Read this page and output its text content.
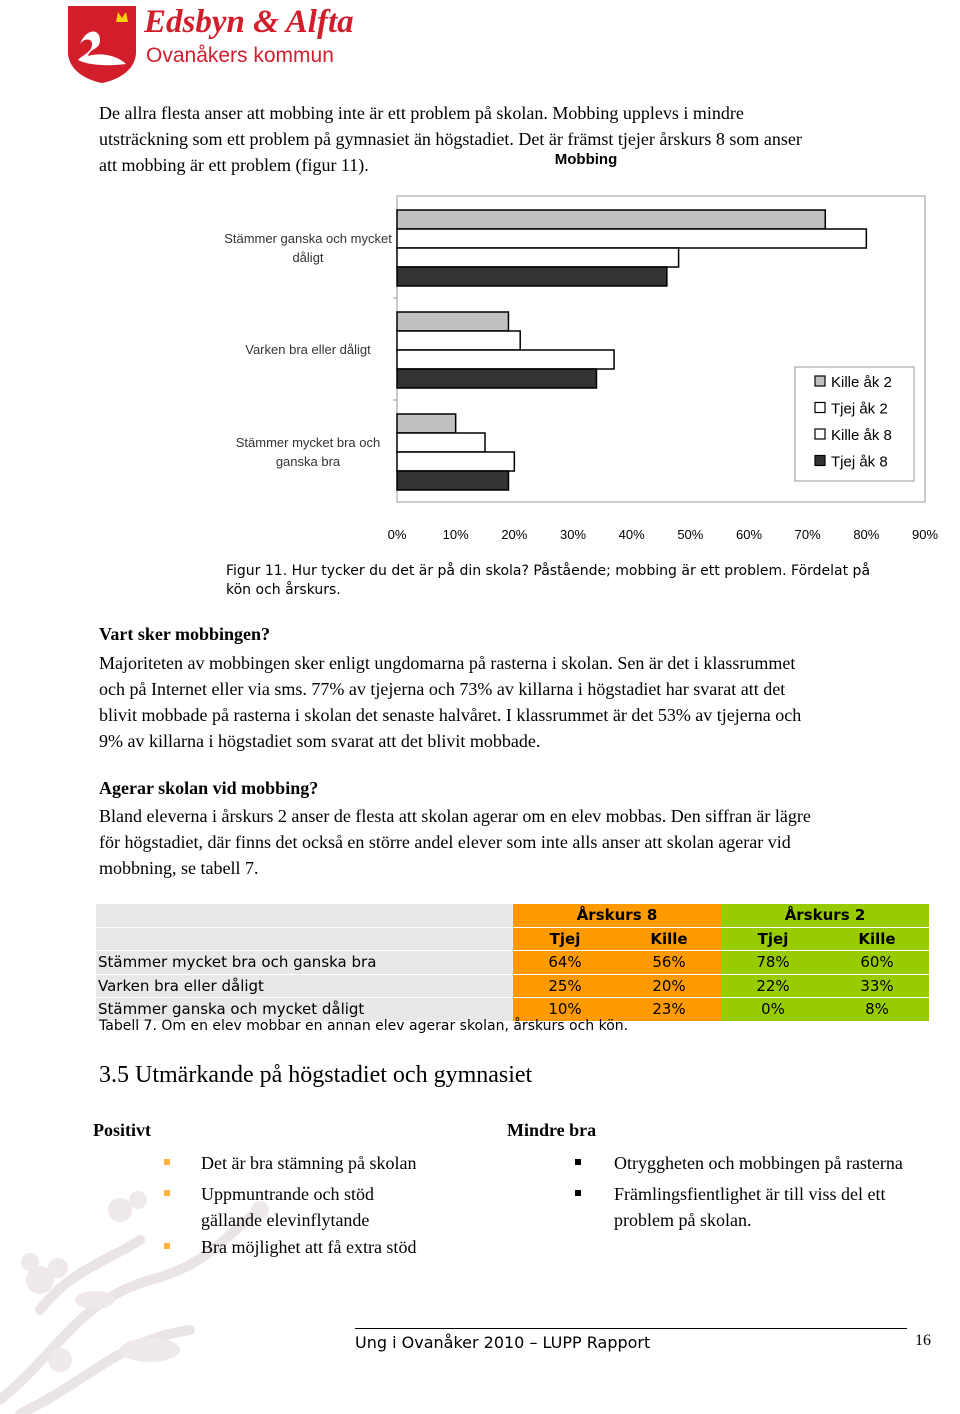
Edsbyn & Alfta
Ovanåkers kommun
De allra flesta anser att mobbing inte är ett problem på skolan. Mobbing upplevs i mindre
utsträckning som ett problem på gymnasiet än högstadiet. Det är främst tjejer årskurs 8 som anser
att mobbing är ett problem (figur 11).	Mobbing
Stämmer ganska och mycket
dåligt
Varken bra eller dåligt
Stämmer mycket bra och
ganska bra
0%	10%	20%	30%	40%	50%	60%	70%	80%	90%
Kille åk 2
Tjej åk 2
Kille åk 8
Tjej åk 8
Figur 11. Hur tycker du det är på din skola? Påstående; mobbing är ett problem. Fördelat på
kön och årskurs.
Vart sker mobbingen?
Majoriteten av mobbingen sker enligt ungdomarna på rasterna i skolan. Sen är det i klassrummet
och på Internet eller via sms. 77% av tjejerna och 73% av killarna i högstadiet har svarat att det
blivit mobbade på rasterna i skolan det senaste halvåret. I klassrummet är det 53% av tjejerna och
9% av killarna i högstadiet som svarat att det blivit mobbade.
Agerar skolan vid mobbing?
Bland eleverna i årskurs 2 anser de flesta att skolan agerar om en elev mobbas. Den siffran är lägre
för högstadiet, där finns det också en större andel elever som inte alls anser att skolan agerar vid
mobbning, se tabell 7.
	Årskurs 8		Årskurs 2	
	Tjej	Kille	Tjej	Kille
Stämmer mycket bra och ganska bra	64%	56%	78%	60%
Varken bra eller dåligt	25%	20%	22%	33%
Stämmer ganska och mycket dåligt	10%	23%	0%	8%
Tabell 7. Om en elev mobbar en annan elev agerar skolan, årskurs och kön.
3.5 Utmärkande på högstadiet och gymnasiet
Positivt	Mindre bra
Det är bra stämning på skolan
Uppmuntrande och stöd
gällande elevinflytande
Bra möjlighet att få extra stöd
Otryggheten och mobbingen på rasterna
Främlingsfientlighet är till viss del ett
problem på skolan.
Ung i Ovanåker 2010 – LUPP Rapport	16
